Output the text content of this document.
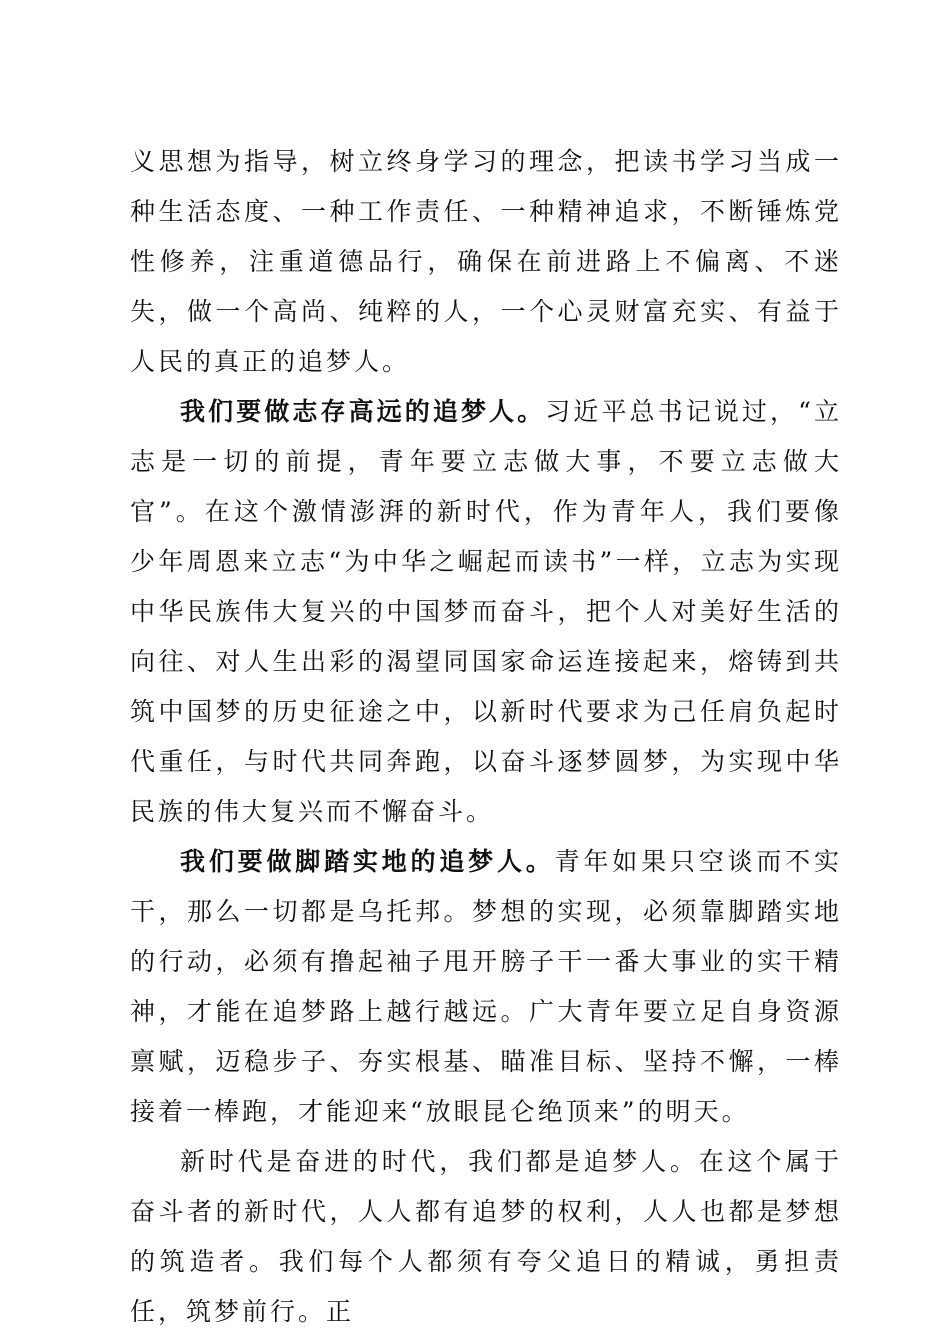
义思想为指导，树立终身学习的理念，把读书学习当成一种生活态度、一种工作责任、一种精神追求，不断锤炼党性修养，注重道德品行，确保在前进路上不偏离、不迷失，做一个高尚、纯粹的人，一个心灵财富充实、有益于人民的真正的追梦人。

我们要做志存高远的追梦人。习近平总书记说过，“立志是一切的前提，青年要立志做大事，不要立志做大官”。在这个激情澎湃的新时代，作为青年人，我们要像少年周恩来立志“为中华之崛起而读书”一样，立志为实现中华民族伟大复兴的中国梦而奋斗，把个人对美好生活的向往、对人生出彩的渴望同国家命运连接起来，熔铸到共筑中国梦的历史征途之中，以新时代要求为己任肩负起时代重任，与时代共同奔跑，以奋斗逐梦圆梦，为实现中华民族的伟大复兴而不懈奋斗。

我们要做脚踏实地的追梦人。青年如果只空谈而不实干，那么一切都是乌托邦。梦想的实现，必须靠脚踏实地的行动，必须有撸起袖子甩开膀子干一番大事业的实干精神，才能在追梦路上越行越远。广大青年要立足自身资源禀赋，迈稳步子、夯实根基、瞄准目标、坚持不懈，一棒接着一棒跑，才能迎来“放眼昆仑绝顶来”的明天。

新时代是奋进的时代，我们都是追梦人。在这个属于奋斗者的新时代，人人都有追梦的权利，人人也都是梦想的筑造者。我们每个人都须有夸父追日的精诚，勇担责任，筑梦前行。正
